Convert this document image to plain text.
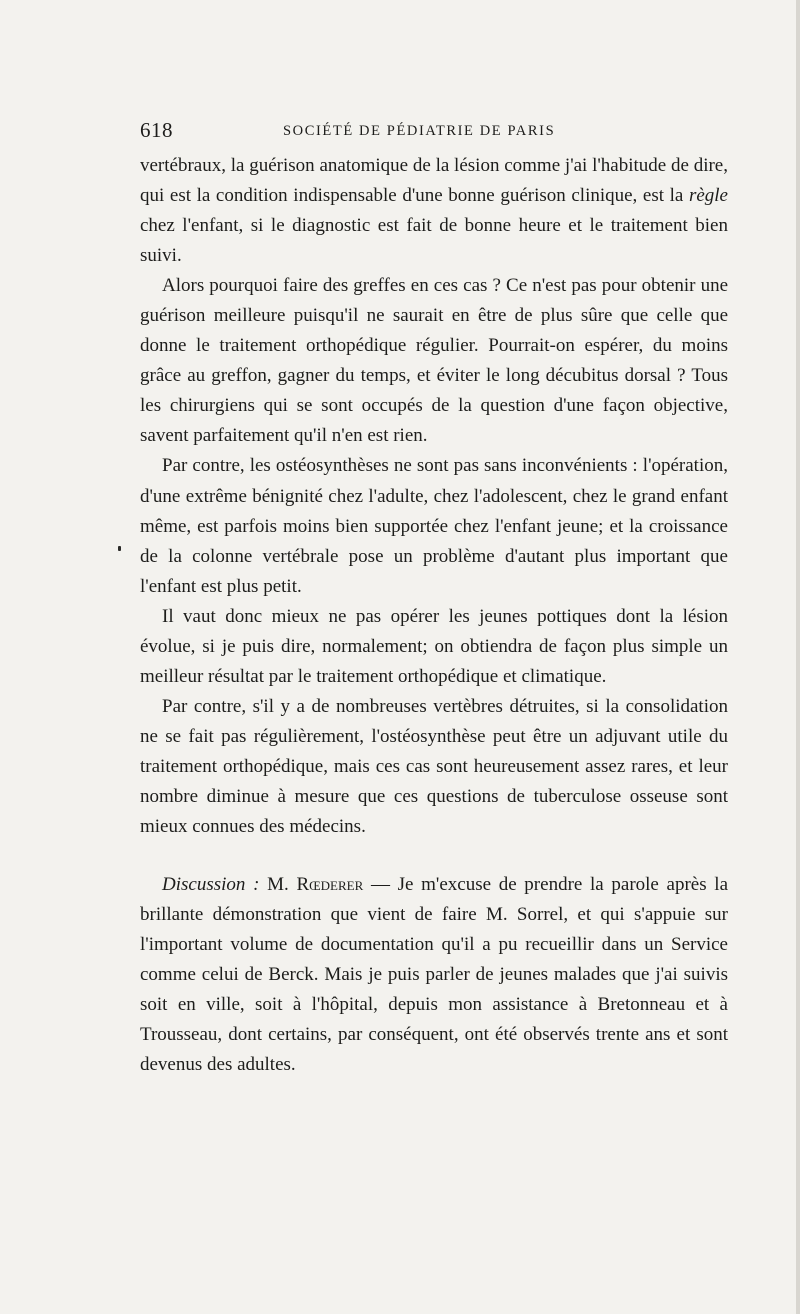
618	SOCIÉTÉ DE PÉDIATRIE DE PARIS

vertébraux, la guérison anatomique de la lésion comme j'ai l'habitude de dire, qui est la condition indispensable d'une bonne guérison clinique, est la règle chez l'enfant, si le diagnostic est fait de bonne heure et le traitement bien suivi.

Alors pourquoi faire des greffes en ces cas ? Ce n'est pas pour obtenir une guérison meilleure puisqu'il ne saurait en être de plus sûre que celle que donne le traitement orthopédique régulier. Pourrait-on espérer, du moins grâce au greffon, gagner du temps, et éviter le long décubitus dorsal ? Tous les chirurgiens qui se sont occupés de la question d'une façon objective, savent parfaitement qu'il n'en est rien.

Par contre, les ostéosynthèses ne sont pas sans inconvénients : l'opération, d'une extrême bénignité chez l'adulte, chez l'adolescent, chez le grand enfant même, est parfois moins bien supportée chez l'enfant jeune; et la croissance de la colonne vertébrale pose un problème d'autant plus important que l'enfant est plus petit.

Il vaut donc mieux ne pas opérer les jeunes pottiques dont la lésion évolue, si je puis dire, normalement; on obtiendra de façon plus simple un meilleur résultat par le traitement orthopédique et climatique.

Par contre, s'il y a de nombreuses vertèbres détruites, si la consolidation ne se fait pas régulièrement, l'ostéosynthèse peut être un adjuvant utile du traitement orthopédique, mais ces cas sont heureusement assez rares, et leur nombre diminue à mesure que ces questions de tuberculose osseuse sont mieux connues des médecins.

Discussion : M. Rœderer — Je m'excuse de prendre la parole après la brillante démonstration que vient de faire M. Sorrel, et qui s'appuie sur l'important volume de documentation qu'il a pu recueillir dans un Service comme celui de Berck. Mais je puis parler de jeunes malades que j'ai suivis soit en ville, soit à l'hôpital, depuis mon assistance à Bretonneau et à Trousseau, dont certains, par conséquent, ont été observés trente ans et sont devenus des adultes.
